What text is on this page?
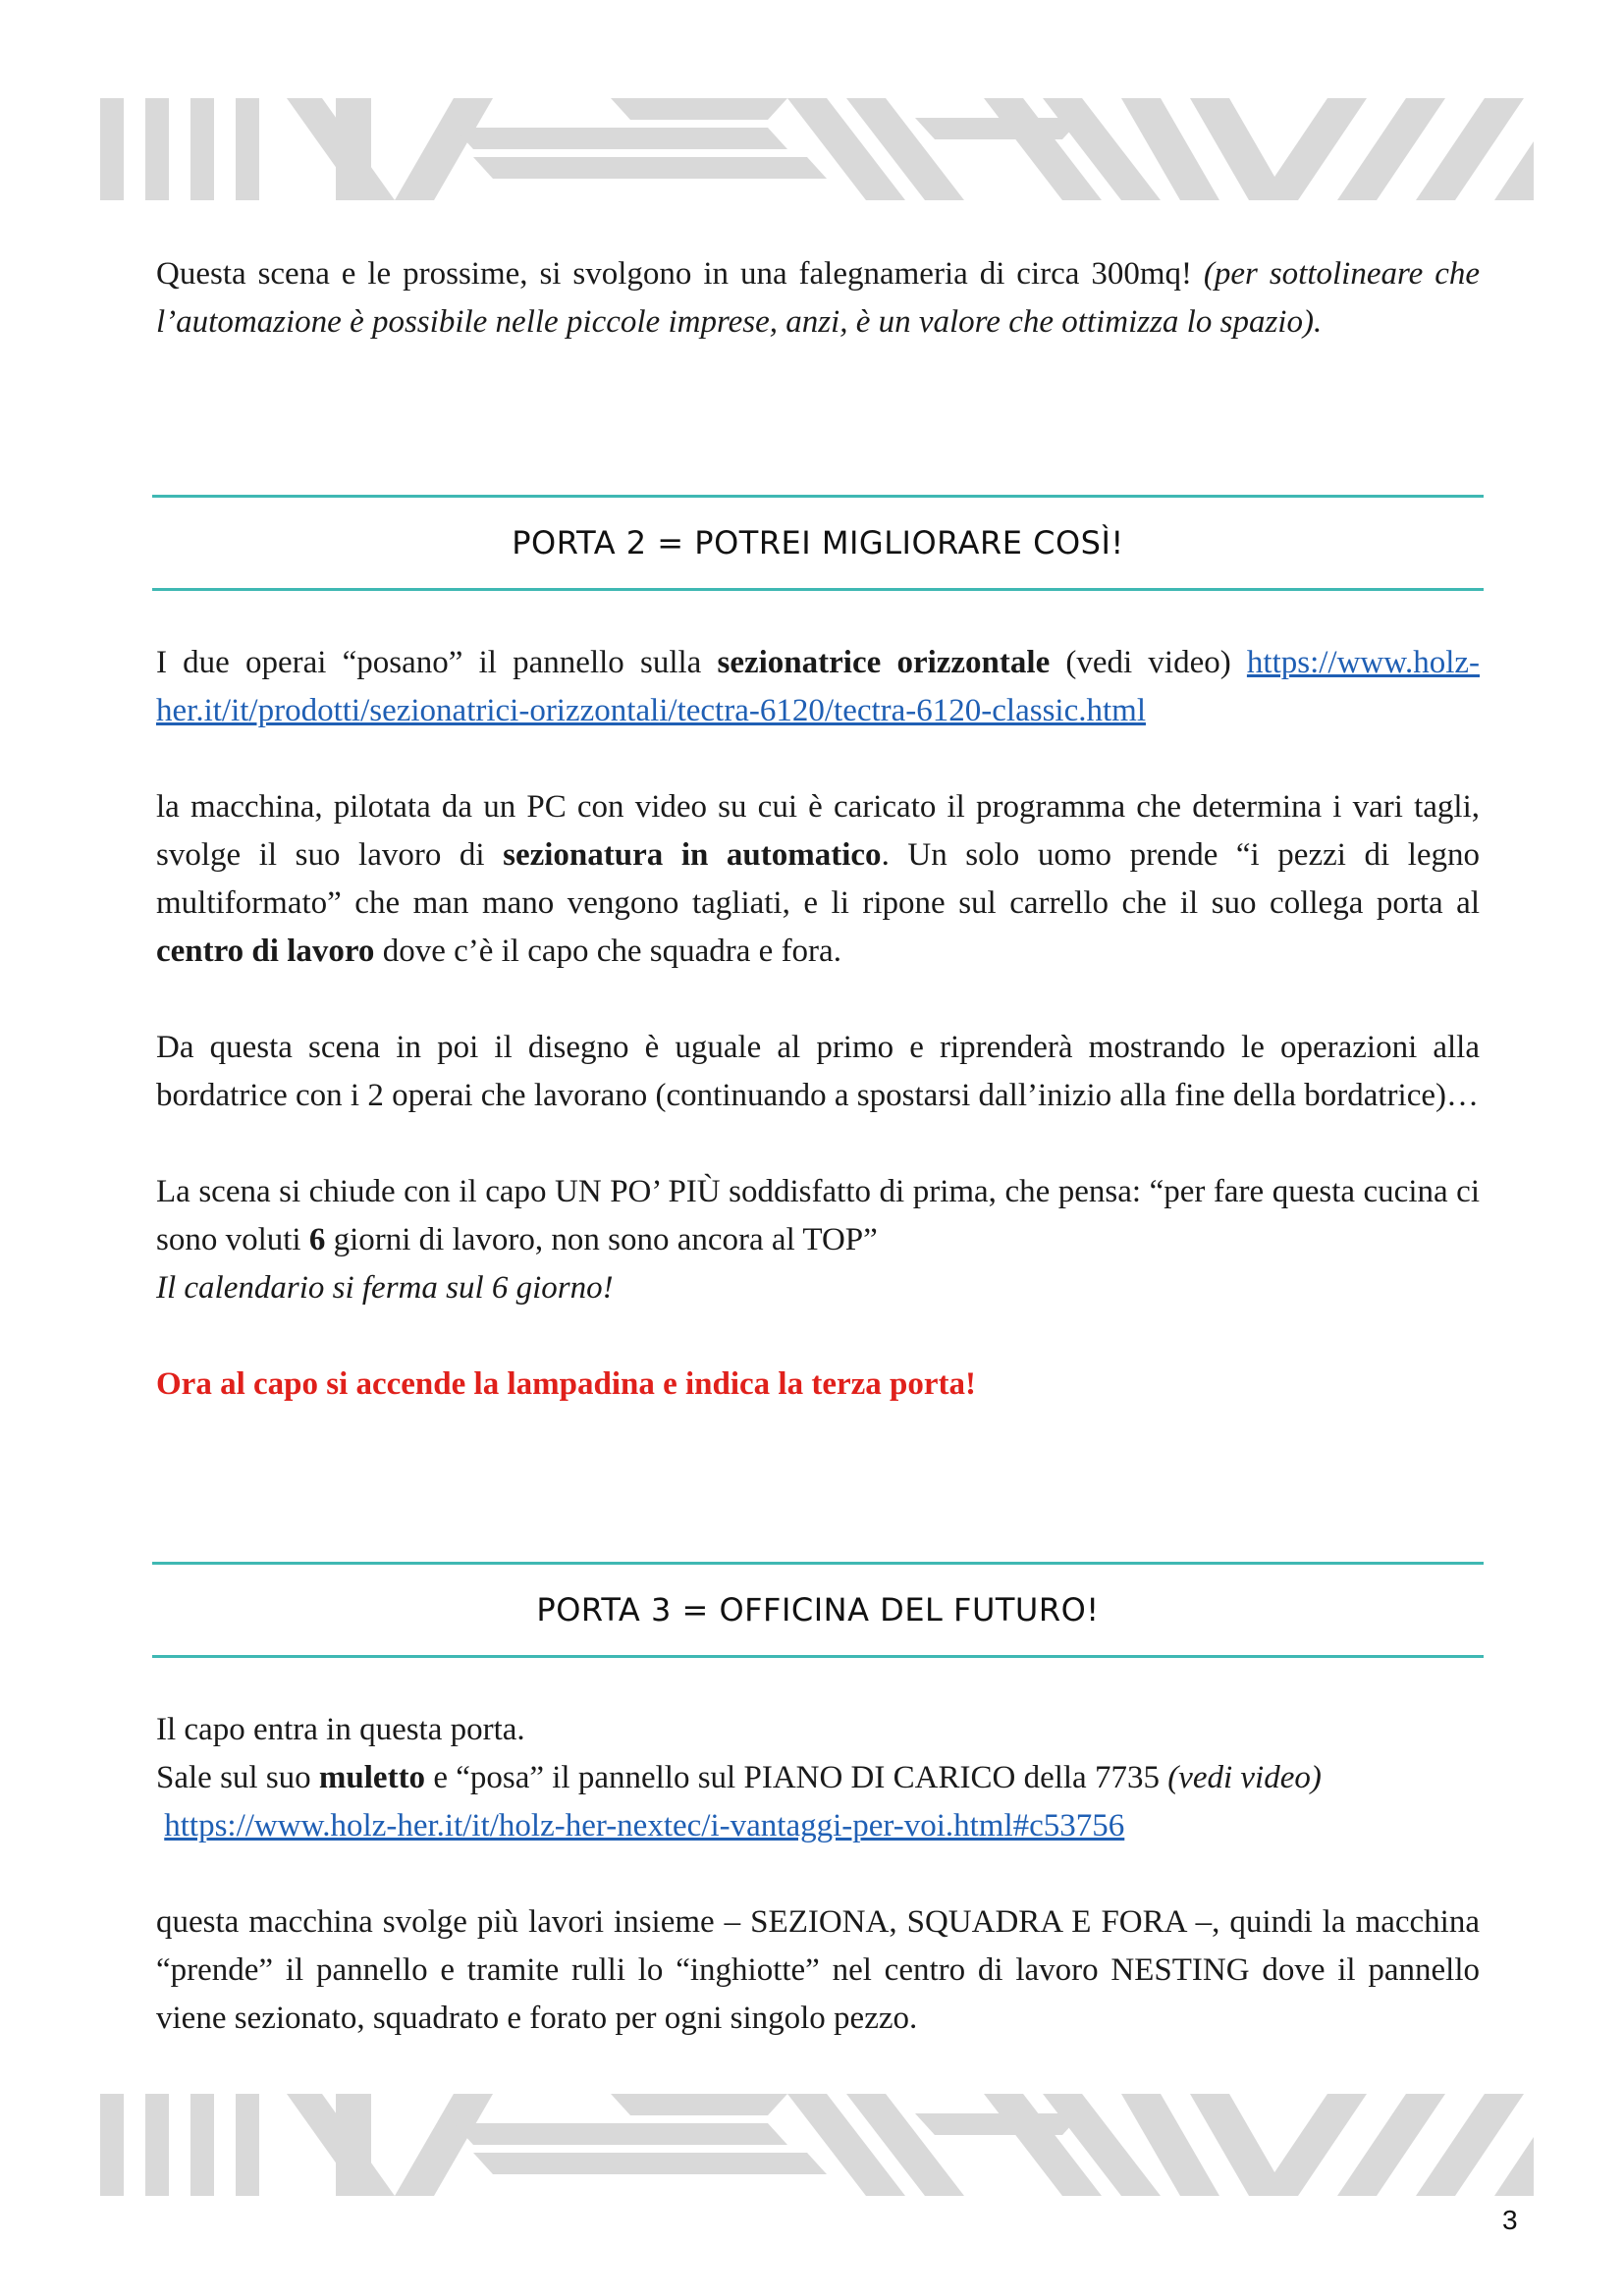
Questa scena e le prossime, si svolgono in una falegnameria di circa 300mq! (per sottolineare che l’automazione è possibile nelle piccole imprese, anzi, è un valore che ottimizza lo spazio).

PORTA 2 = POTREI MIGLIORARE COSÌ!

I due operai “posano” il pannello sulla sezionatrice orizzontale (vedi video) https://www.holz-her.it/it/prodotti/sezionatrici-orizzontali/tectra-6120/tectra-6120-classic.html

la macchina, pilotata da un PC con video su cui è caricato il programma che determina i vari tagli, svolge il suo lavoro di sezionatura in automatico. Un solo uomo prende “i pezzi di legno multiformato” che man mano vengono tagliati, e li ripone sul carrello che il suo collega porta al centro di lavoro dove c’è il capo che squadra e fora.

Da questa scena in poi il disegno è uguale al primo e riprenderà mostrando le operazioni alla bordatrice con i 2 operai che lavorano (continuando a spostarsi dall’inizio alla fine della bordatrice)…

La scena si chiude con il capo UN PO’ PIÙ soddisfatto di prima, che pensa: “per fare questa cucina ci sono voluti 6 giorni di lavoro, non sono ancora al TOP”
Il calendario si ferma sul 6 giorno!

Ora al capo si accende la lampadina e indica la terza porta!

PORTA 3 = OFFICINA DEL FUTURO!

Il capo entra in questa porta.
Sale sul suo muletto e “posa” il pannello sul PIANO DI CARICO della 7735 (vedi video)
https://www.holz-her.it/it/holz-her-nextec/i-vantaggi-per-voi.html#c53756

questa macchina svolge più lavori insieme – SEZIONA, SQUADRA E FORA –, quindi la macchina “prende” il pannello e tramite rulli lo “inghiotte” nel centro di lavoro NESTING dove il pannello viene sezionato, squadrato e forato per ogni singolo pezzo.

3
